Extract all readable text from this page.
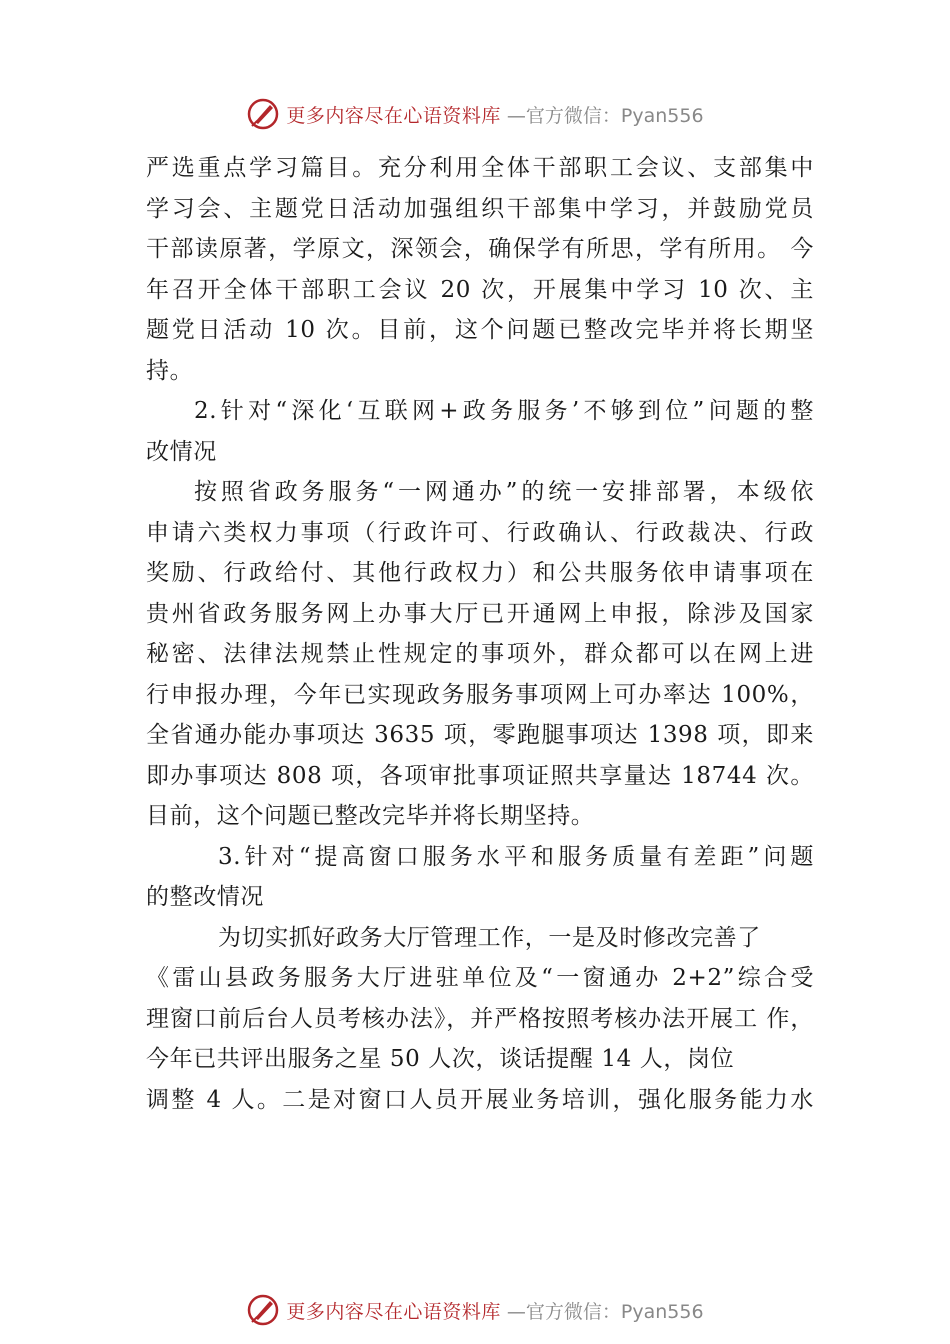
更多内容尽在心语资料库 —官方微信：Pyan556
严选重点学习篇目。充分利用全体干部职工会议、支部集中
学习会、主题党日活动加强组织干部集中学习，并鼓励党员
干部读原著，学原文，深领会，确保学有所思，学有所用。 今
年召开全体干部职工会议 20 次，开展集中学习 10 次、主
题党日活动 10 次。目前，这个问题已整改完毕并将长期坚
持。
2.针对“深化‘互联网+政务服务’不够到位”问题的整
改情况
按照省政务服务“一网通办”的统一安排部署，本级依
申请六类权力事项（行政许可、行政确认、行政裁决、行政
奖励、行政给付、其他行政权力）和公共服务依申请事项在
贵州省政务服务网上办事大厅已开通网上申报，除涉及国家
秘密、法律法规禁止性规定的事项外，群众都可以在网上进
行申报办理，今年已实现政务服务事项网上可办率达 100%，
全省通办能办事项达 3635 项，零跑腿事项达 1398 项，即来
即办事项达 808 项，各项审批事项证照共享量达 18744 次。
目前，这个问题已整改完毕并将长期坚持。
3.针对“提高窗口服务水平和服务质量有差距”问题
的整改情况
为切实抓好政务大厅管理工作，一是及时修改完善了
《雷山县政务服务大厅进驻单位及“一窗通办 2+2”综合受
理窗口前后台人员考核办法》，并严格按照考核办法开展工 作，
今年已共评出服务之星 50 人次，谈话提醒 14 人，岗位
调整 4 人。二是对窗口人员开展业务培训，强化服务能力水
更多内容尽在心语资料库 —官方微信：Pyan556
